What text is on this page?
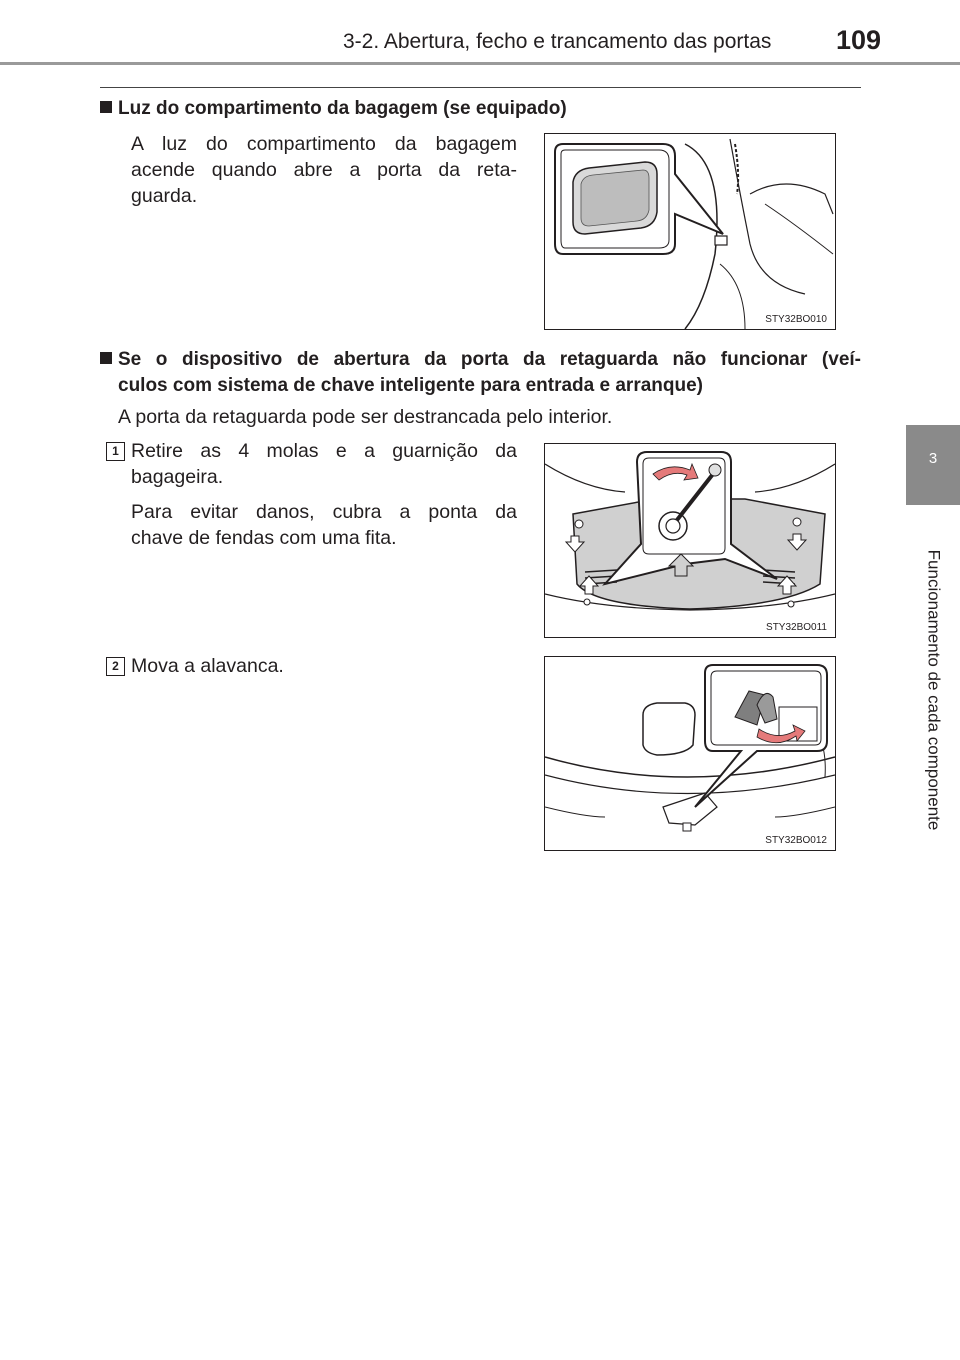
3-2. Abertura, fecho e trancamento das portas 109
3
Funcionamento de cada componente
Luz do compartimento da bagagem (se equipado)
A luz do compartimento da bagagem
acende quando abre a porta da reta-
guarda.
STY32BO010
Se o dispositivo de abertura da porta da retaguarda não funcionar (veí-
culos com sistema de chave inteligente para entrada e arranque)
A porta da retaguarda pode ser destrancada pelo interior.
1 Retire as 4 molas e a guarnição da
bagageira.
Para evitar danos, cubra a ponta da
chave de fendas com uma fita.
STY32BO011
2 Mova a alavanca.
STY32BO012
